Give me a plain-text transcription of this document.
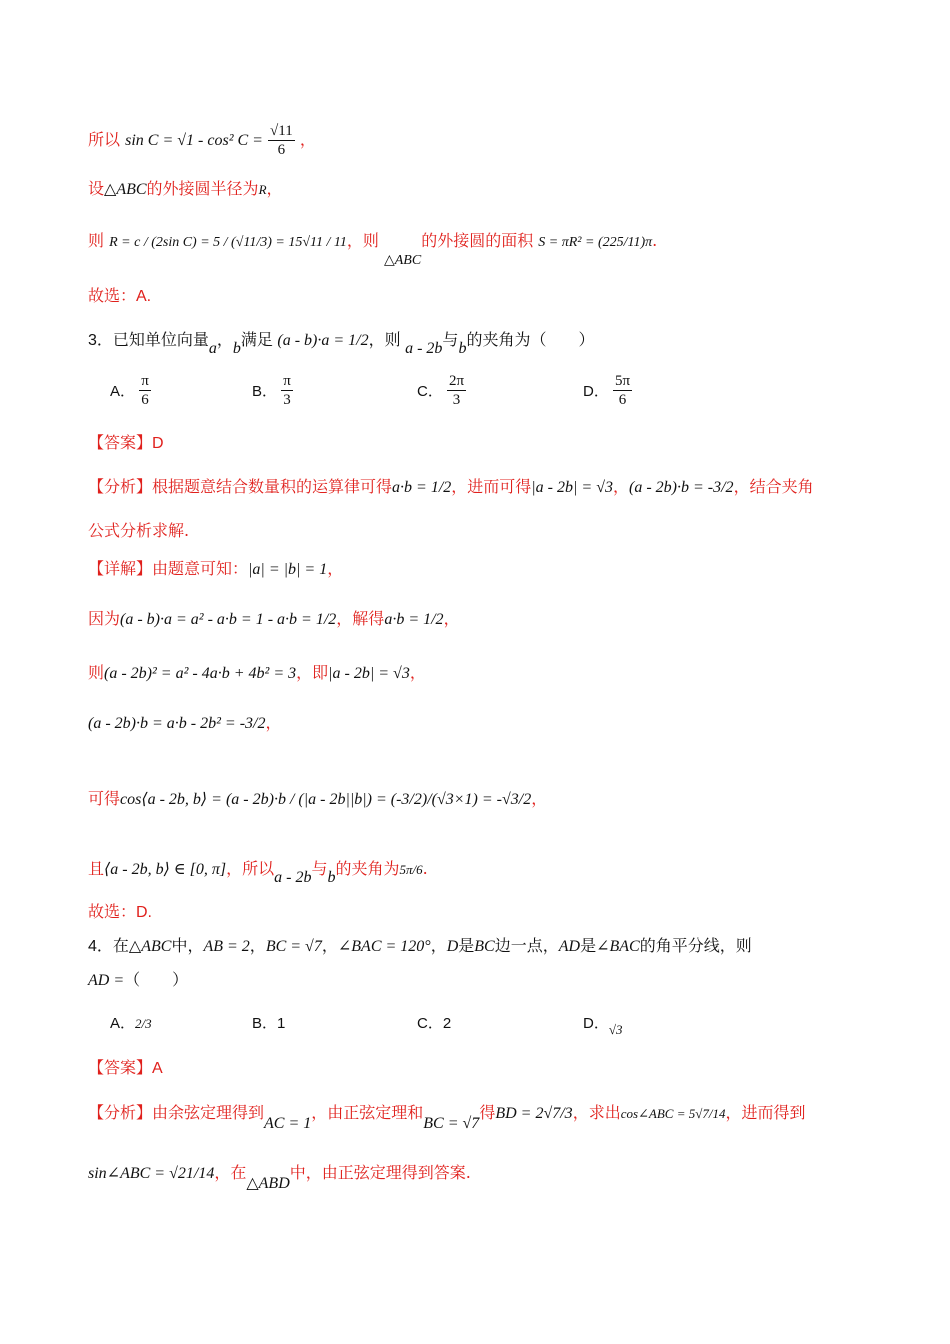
所以 sin C = √1 - cos² $C = \frac{√11}{6}$ ，
设△ABC的外接圆半径为R，
则 R = c / (2sin C) = 5 / (√11/3) = 15√11 / 11，则 △ABC的外接圆的面积 S = πR² = (225/11)π.
故选：A.
3．已知单位向量a，b满足 (a - b)·a = 1/2，则 a - 2b与b的夹角为（　　）
A． $\frac{\pi}{6}$	B． $\frac{\pi}{3}$	C． $\frac{2\pi}{3}$	D． $\frac{5\pi}{6}$
【答案】D
【分析】根据题意结合数量积的运算律可得a·b = 1/2，进而可得|a - 2b| = √3，(a - 2b)·b = -3/2，结合夹角
公式分析求解.
【详解】由题意可知：|a| = |b| = 1，
因为(a - b)·a = a² - a·b = 1 - a·b = 1/2，解得a·b = 1/2，
则(a - 2b)² = a² - 4a·b + 4b² = 3，即|a - 2b| = √3，
(a - 2b)·b = a·b - 2b² = -3/2，
可得cos⟨a - 2b, b⟩ = (a - 2b)·b / (|a - 2b||b|) = (-3/2)/(√3×1) = -√3/2，
且⟨a - 2b, b⟩ ∈ [0, π]，所以a - 2b与b的夹角为5π/6.
故选：D.
4．在△ABC中，AB = 2，BC = √7，∠BAC = 120°，D是BC边一点，AD是∠BAC的角平分线，则
AD =（　　）
A．2/3	B．1	C．2	D．√3
【答案】A
【分析】由余弦定理得到AC = 1，由正弦定理和BC = √7得BD = 2√7/3，求出cos∠ABC = 5√7/14，进而得到
sin∠ABC = √21/14，在△ABD中，由正弦定理得到答案.
